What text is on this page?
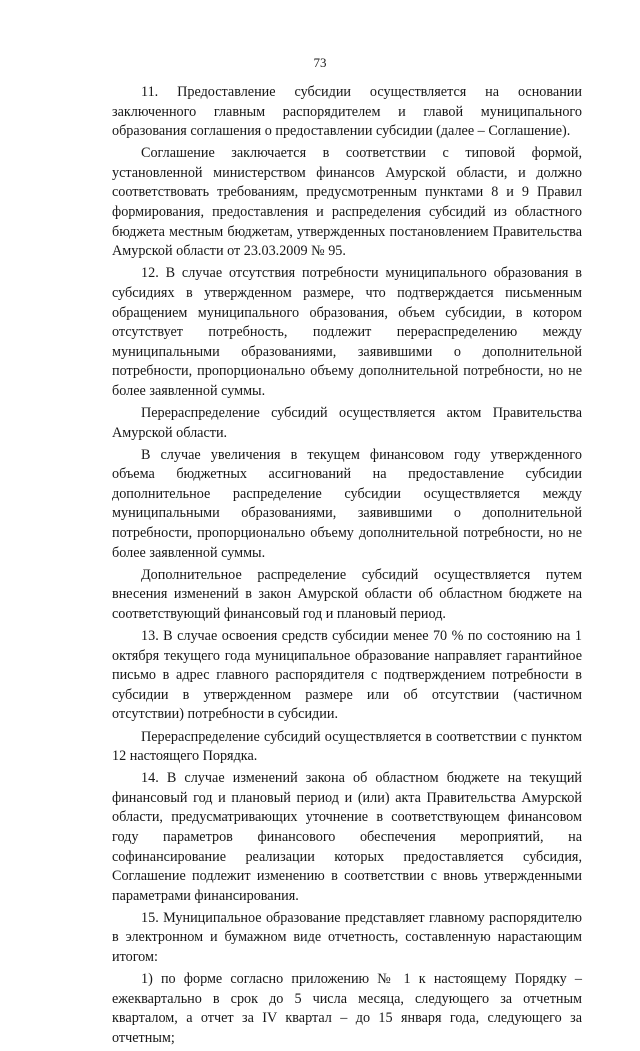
73

11. Предоставление субсидии осуществляется на основании заключенного главным распорядителем и главой муниципального образования соглашения о предоставлении субсидии (далее – Соглашение).

Соглашение заключается в соответствии с типовой формой, установленной министерством финансов Амурской области, и должно соответствовать требованиям, предусмотренным пунктами 8 и 9 Правил формирования, предоставления и распределения субсидий из областного бюджета местным бюджетам, утвержденных постановлением Правительства Амурской области от 23.03.2009 № 95.

12. В случае отсутствия потребности муниципального образования в субсидиях в утвержденном размере, что подтверждается письменным обращением муниципального образования, объем субсидии, в котором отсутствует потребность, подлежит перераспределению между муниципальными образованиями, заявившими о дополнительной потребности, пропорционально объему дополнительной потребности, но не более заявленной суммы.

Перераспределение субсидий осуществляется актом Правительства Амурской области.

В случае увеличения в текущем финансовом году утвержденного объема бюджетных ассигнований на предоставление субсидии дополнительное распределение субсидии осуществляется между муниципальными образованиями, заявившими о дополнительной потребности, пропорционально объему дополнительной потребности, но не более заявленной суммы.

Дополнительное распределение субсидий осуществляется путем внесения изменений в закон Амурской области об областном бюджете на соответствующий финансовый год и плановый период.

13. В случае освоения средств субсидии менее 70 % по состоянию на 1 октября текущего года муниципальное образование направляет гарантийное письмо в адрес главного распорядителя с подтверждением потребности в субсидии в утвержденном размере или об отсутствии (частичном отсутствии) потребности в субсидии.

Перераспределение субсидий осуществляется в соответствии с пунктом 12 настоящего Порядка.

14. В случае изменений закона об областном бюджете на текущий финансовый год и плановый период и (или) акта Правительства Амурской области, предусматривающих уточнение в соответствующем финансовом году параметров финансового обеспечения мероприятий, на софинансирование реализации которых предоставляется субсидия, Соглашение подлежит изменению в соответствии с вновь утвержденными параметрами финансирования.

15. Муниципальное образование представляет главному распорядителю в электронном и бумажном виде отчетность, составленную нарастающим итогом:

1) по форме согласно приложению № 1 к настоящему Порядку – ежеквартально в срок до 5 числа месяца, следующего за отчетным кварталом, а отчет за IV квартал – до 15 января года, следующего за отчетным;
